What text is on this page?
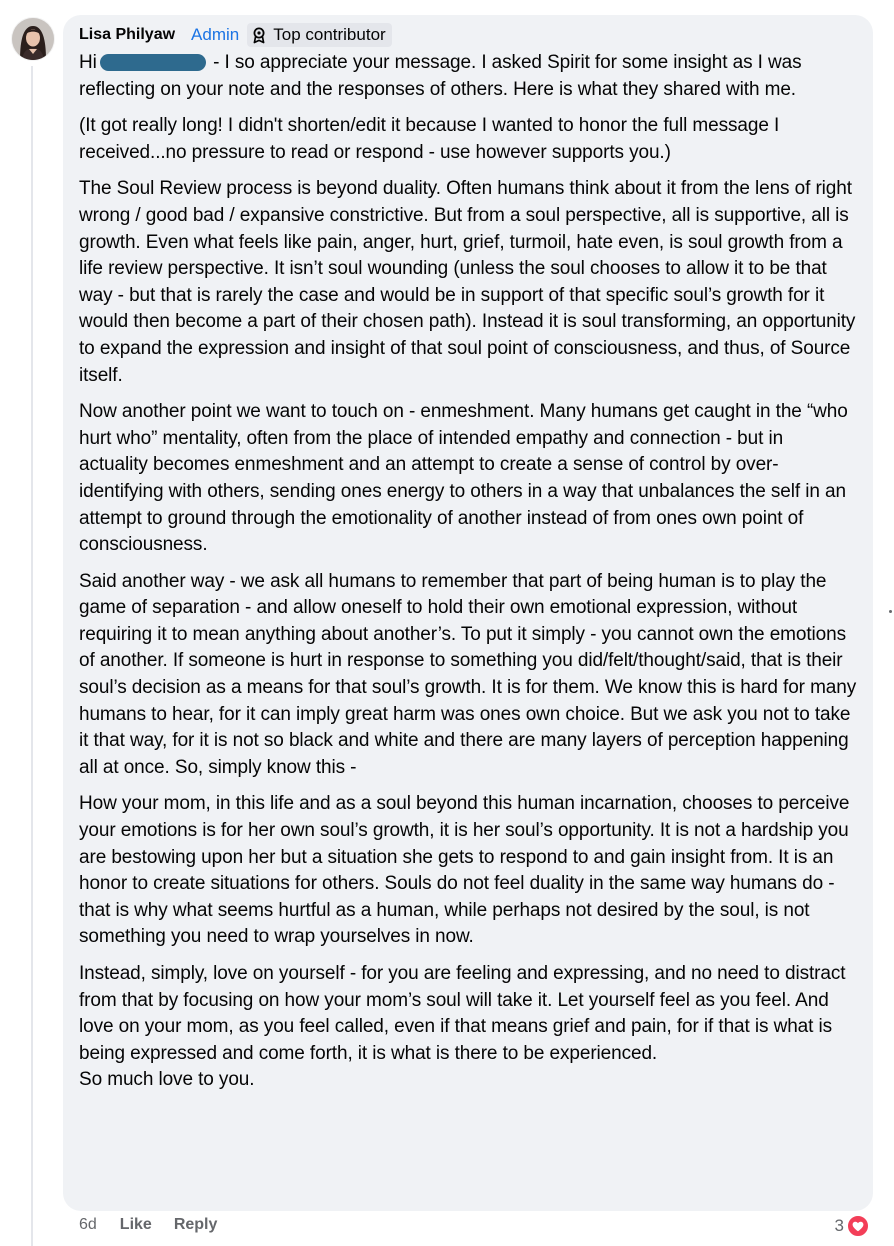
Lisa Philyaw Admin Top contributor

Hi	- I so appreciate your message. I asked Spirit for some insight as I was reflecting on your note and the responses of others. Here is what they shared with me.

(It got really long! I didn't shorten/edit it because I wanted to honor the full message I received...no pressure to read or respond - use however supports you.)

The Soul Review process is beyond duality. Often humans think about it from the lens of right wrong / good bad / expansive constrictive. But from a soul perspective, all is supportive, all is growth. Even what feels like pain, anger, hurt, grief, turmoil, hate even, is soul growth from a life review perspective. It isn’t soul wounding (unless the soul chooses to allow it to be that way - but that is rarely the case and would be in support of that specific soul’s growth for it would then become a part of their chosen path). Instead it is soul transforming, an opportunity to expand the expression and insight of that soul point of consciousness, and thus, of Source itself.

Now another point we want to touch on - enmeshment. Many humans get caught in the “who hurt who” mentality, often from the place of intended empathy and connection - but in actuality becomes enmeshment and an attempt to create a sense of control by over-identifying with others, sending ones energy to others in a way that unbalances the self in an attempt to ground through the emotionality of another instead of from ones own point of consciousness.

Said another way - we ask all humans to remember that part of being human is to play the game of separation - and allow oneself to hold their own emotional expression, without requiring it to mean anything about another’s. To put it simply - you cannot own the emotions of another. If someone is hurt in response to something you did/felt/thought/said, that is their soul’s decision as a means for that soul’s growth. It is for them. We know this is hard for many humans to hear, for it can imply great harm was ones own choice. But we ask you not to take it that way, for it is not so black and white and there are many layers of perception happening all at once. So, simply know this -

How your mom, in this life and as a soul beyond this human incarnation, chooses to perceive your emotions is for her own soul’s growth, it is her soul’s opportunity. It is not a hardship you are bestowing upon her but a situation she gets to respond to and gain insight from. It is an honor to create situations for others. Souls do not feel duality in the same way humans do - that is why what seems hurtful as a human, while perhaps not desired by the soul, is not something you need to wrap yourselves in now.

Instead, simply, love on yourself - for you are feeling and expressing, and no need to distract from that by focusing on how your mom’s soul will take it. Let yourself feel as you feel. And love on your mom, as you feel called, even if that means grief and pain, for if that is what is being expressed and come forth, it is what is there to be experienced.

So much love to you.

6d Like Reply	3
